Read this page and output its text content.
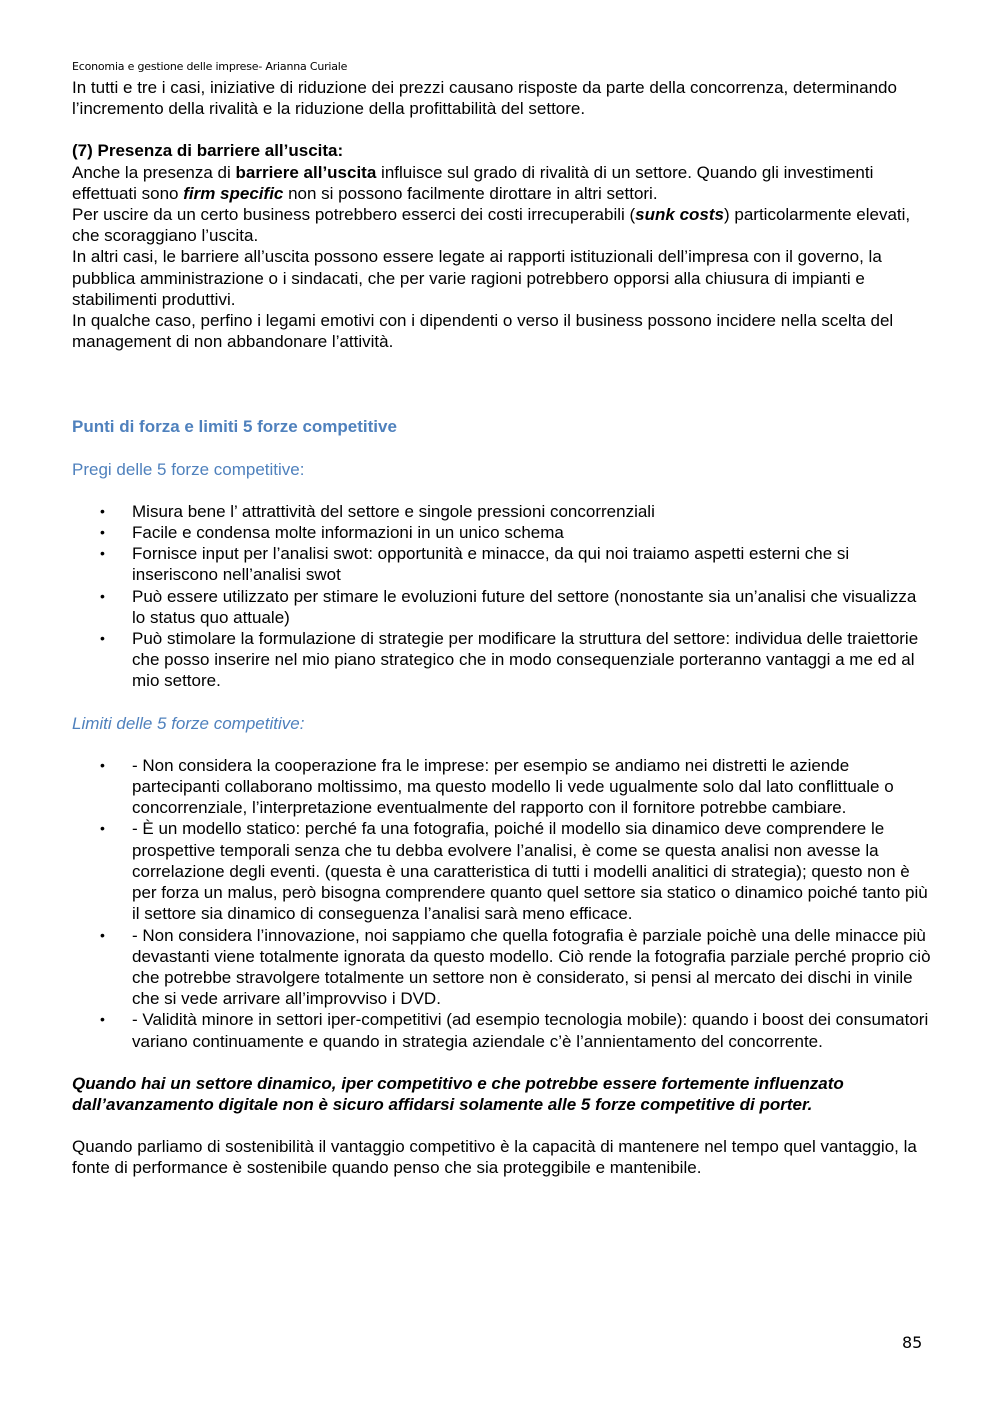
Economia e gestione delle imprese- Arianna Curiale

In tutti e tre i casi, iniziative di riduzione dei prezzi causano risposte da parte della concorrenza, determinando l’incremento della rivalità e la riduzione della profittabilità del settore.

(7) Presenza di barriere all’uscita:

Anche la presenza di barriere all’uscita influisce sul grado di rivalità di un settore. Quando gli investimenti effettuati sono firm specific non si possono facilmente dirottare in altri settori.

Per uscire da un certo business potrebbero esserci dei costi irrecuperabili (sunk costs) particolarmente elevati, che scoraggiano l’uscita.

In altri casi, le barriere all’uscita possono essere legate ai rapporti istituzionali dell’impresa con il governo, la pubblica amministrazione o i sindacati, che per varie ragioni potrebbero opporsi alla chiusura di impianti e stabilimenti produttivi.

In qualche caso, perfino i legami emotivi con i dipendenti o verso il business possono incidere nella scelta del management di non abbandonare l’attività.

Punti di forza e limiti 5 forze competitive

Pregi delle 5 forze competitive:

• Misura bene l’ attrattività del settore e singole pressioni concorrenziali
• Facile e condensa molte informazioni in un unico schema
• Fornisce input per l’analisi swot: opportunità e minacce, da qui noi traiamo aspetti esterni che si inseriscono nell’analisi swot
• Può essere utilizzato per stimare le evoluzioni future del settore (nonostante sia un’analisi che visualizza lo status quo attuale)
• Può stimolare la formulazione di strategie per modificare la struttura del settore: individua delle traiettorie che posso inserire nel mio piano strategico che in modo consequenziale porteranno vantaggi a me ed al mio settore.

Limiti delle 5 forze competitive:

• - Non considera la cooperazione fra le imprese: per esempio se andiamo nei distretti le aziende partecipanti collaborano moltissimo, ma questo modello li vede ugualmente solo dal lato conflittuale o concorrenziale, l’interpretazione eventualmente del rapporto con il fornitore potrebbe cambiare.
• - È un modello statico: perché fa una fotografia, poiché il modello sia dinamico deve comprendere le prospettive temporali senza che tu debba evolvere l’analisi, è come se questa analisi non avesse la correlazione degli eventi. (questa è una caratteristica di tutti i modelli analitici di strategia); questo non è per forza un malus, però bisogna comprendere quanto quel settore sia statico o dinamico poiché tanto più il settore sia dinamico di conseguenza l’analisi sarà meno efficace.
• - Non considera l’innovazione, noi sappiamo che quella fotografia è parziale poichè una delle minacce più devastanti viene totalmente ignorata da questo modello. Ciò rende la fotografia parziale perché proprio ciò che potrebbe stravolgere totalmente un settore non è considerato, si pensi al mercato dei dischi in vinile che si vede arrivare all’improvviso i DVD.
• - Validità minore in settori iper-competitivi (ad esempio tecnologia mobile): quando i boost dei consumatori variano continuamente e quando in strategia aziendale c’è l’annientamento del concorrente.

Quando hai un settore dinamico, iper competitivo e che potrebbe essere fortemente influenzato dall’avanzamento digitale non è sicuro affidarsi solamente alle 5 forze competitive di porter.

Quando parliamo di sostenibilità il vantaggio competitivo è la capacità di mantenere nel tempo quel vantaggio, la fonte di performance è sostenibile quando penso che sia proteggibile e mantenibile.

85
